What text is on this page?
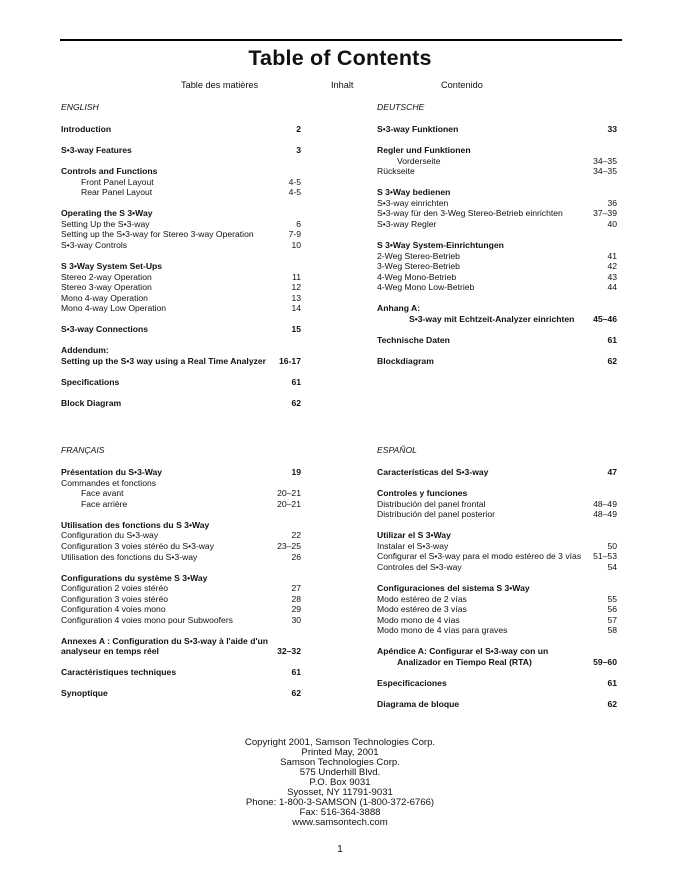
Table of Contents
Table des matières	Inhalt	Contenido
ENGLISH
Introduction	2
S•3-way Features	3
Controls and Functions
Front Panel Layout	4-5
Rear Panel Layout	4-5
Operating the S 3•Way
Setting Up the S•3-way	6
Setting up the S•3-way for Stereo 3-way Operation	7-9
S•3-way Controls	10
S 3•Way System Set-Ups
Stereo 2-way Operation	11
Stereo 3-way Operation	12
Mono 4-way Operation	13
Mono 4-way Low Operation	14
S•3-way Connections	15
Addendum:
Setting up the S•3 way using a Real Time Analyzer 16-17
Specifications	61
Block Diagram	62
DEUTSCHE
S•3-way Funktionen	33
Regler und Funktionen
Vorderseite	34–35
Rückseite	34–35
S 3•Way bedienen
S•3-way einrichten	36
S•3-way für den 3-Weg Stereo-Betrieb einrichten	37–39
S•3-way Regler	40
S 3•Way System-Einrichtungen
2-Weg Stereo-Betrieb	41
3-Weg Stereo-Betrieb	42
4-Weg Mono-Betrieb	43
4-Weg Mono Low-Betrieb	44
Anhang A:
S•3-way mit Echtzeit-Analyzer einrichten 45–46
Technische Daten	61
Blockdiagram	62
FRANÇAIS
Présentation du S•3-Way	19
Commandes et fonctions
Face avant	20–21
Face arrière	20–21
Utilisation des fonctions du S 3•Way
Configuration du S•3-way	22
Configuration 3 voies stéréo du S•3-way	23–25
Utilisation des fonctions du S•3-way	26
Configurations du système S 3•Way
Configuration 2 voies stéréo	27
Configuration 3 voies stéréo	28
Configuration 4 voies mono	29
Configuration 4 voies mono pour Subwoofers	30
Annexes A : Configuration du S•3-way à l'aide d'un
analyseur en temps réel	32–32
Caractéristiques techniques	61
Synoptique	62
ESPAÑOL
Características del S•3-way	47
Controles y funciones
Distribución del panel frontal	48–49
Distribución del panel posterior	48–49
Utilizar el S 3•Way
Instalar el S•3-way	50
Configurar el S•3-way para el modo estéreo de 3 vías 51–53
Controles del S•3-way	54
Configuraciones del sistema S 3•Way
Modo estéreo de 2 vías	55
Modo estéreo de 3 vías	56
Modo mono de 4 vías	57
Modo mono de 4 vías para graves	58
Apéndice A: Configurar el S•3-way con un
Analizador en Tiempo Real (RTA)	59–60
Especificaciones	61
Diagrama de bloque	62
Copyright 2001, Samson Technologies Corp.
Printed May, 2001
Samson Technologies Corp.
575 Underhill Blvd.
P.O. Box 9031
Syosset, NY 11791-9031
Phone: 1-800-3-SAMSON (1-800-372-6766)
Fax: 516-364-3888
www.samsontech.com
1
